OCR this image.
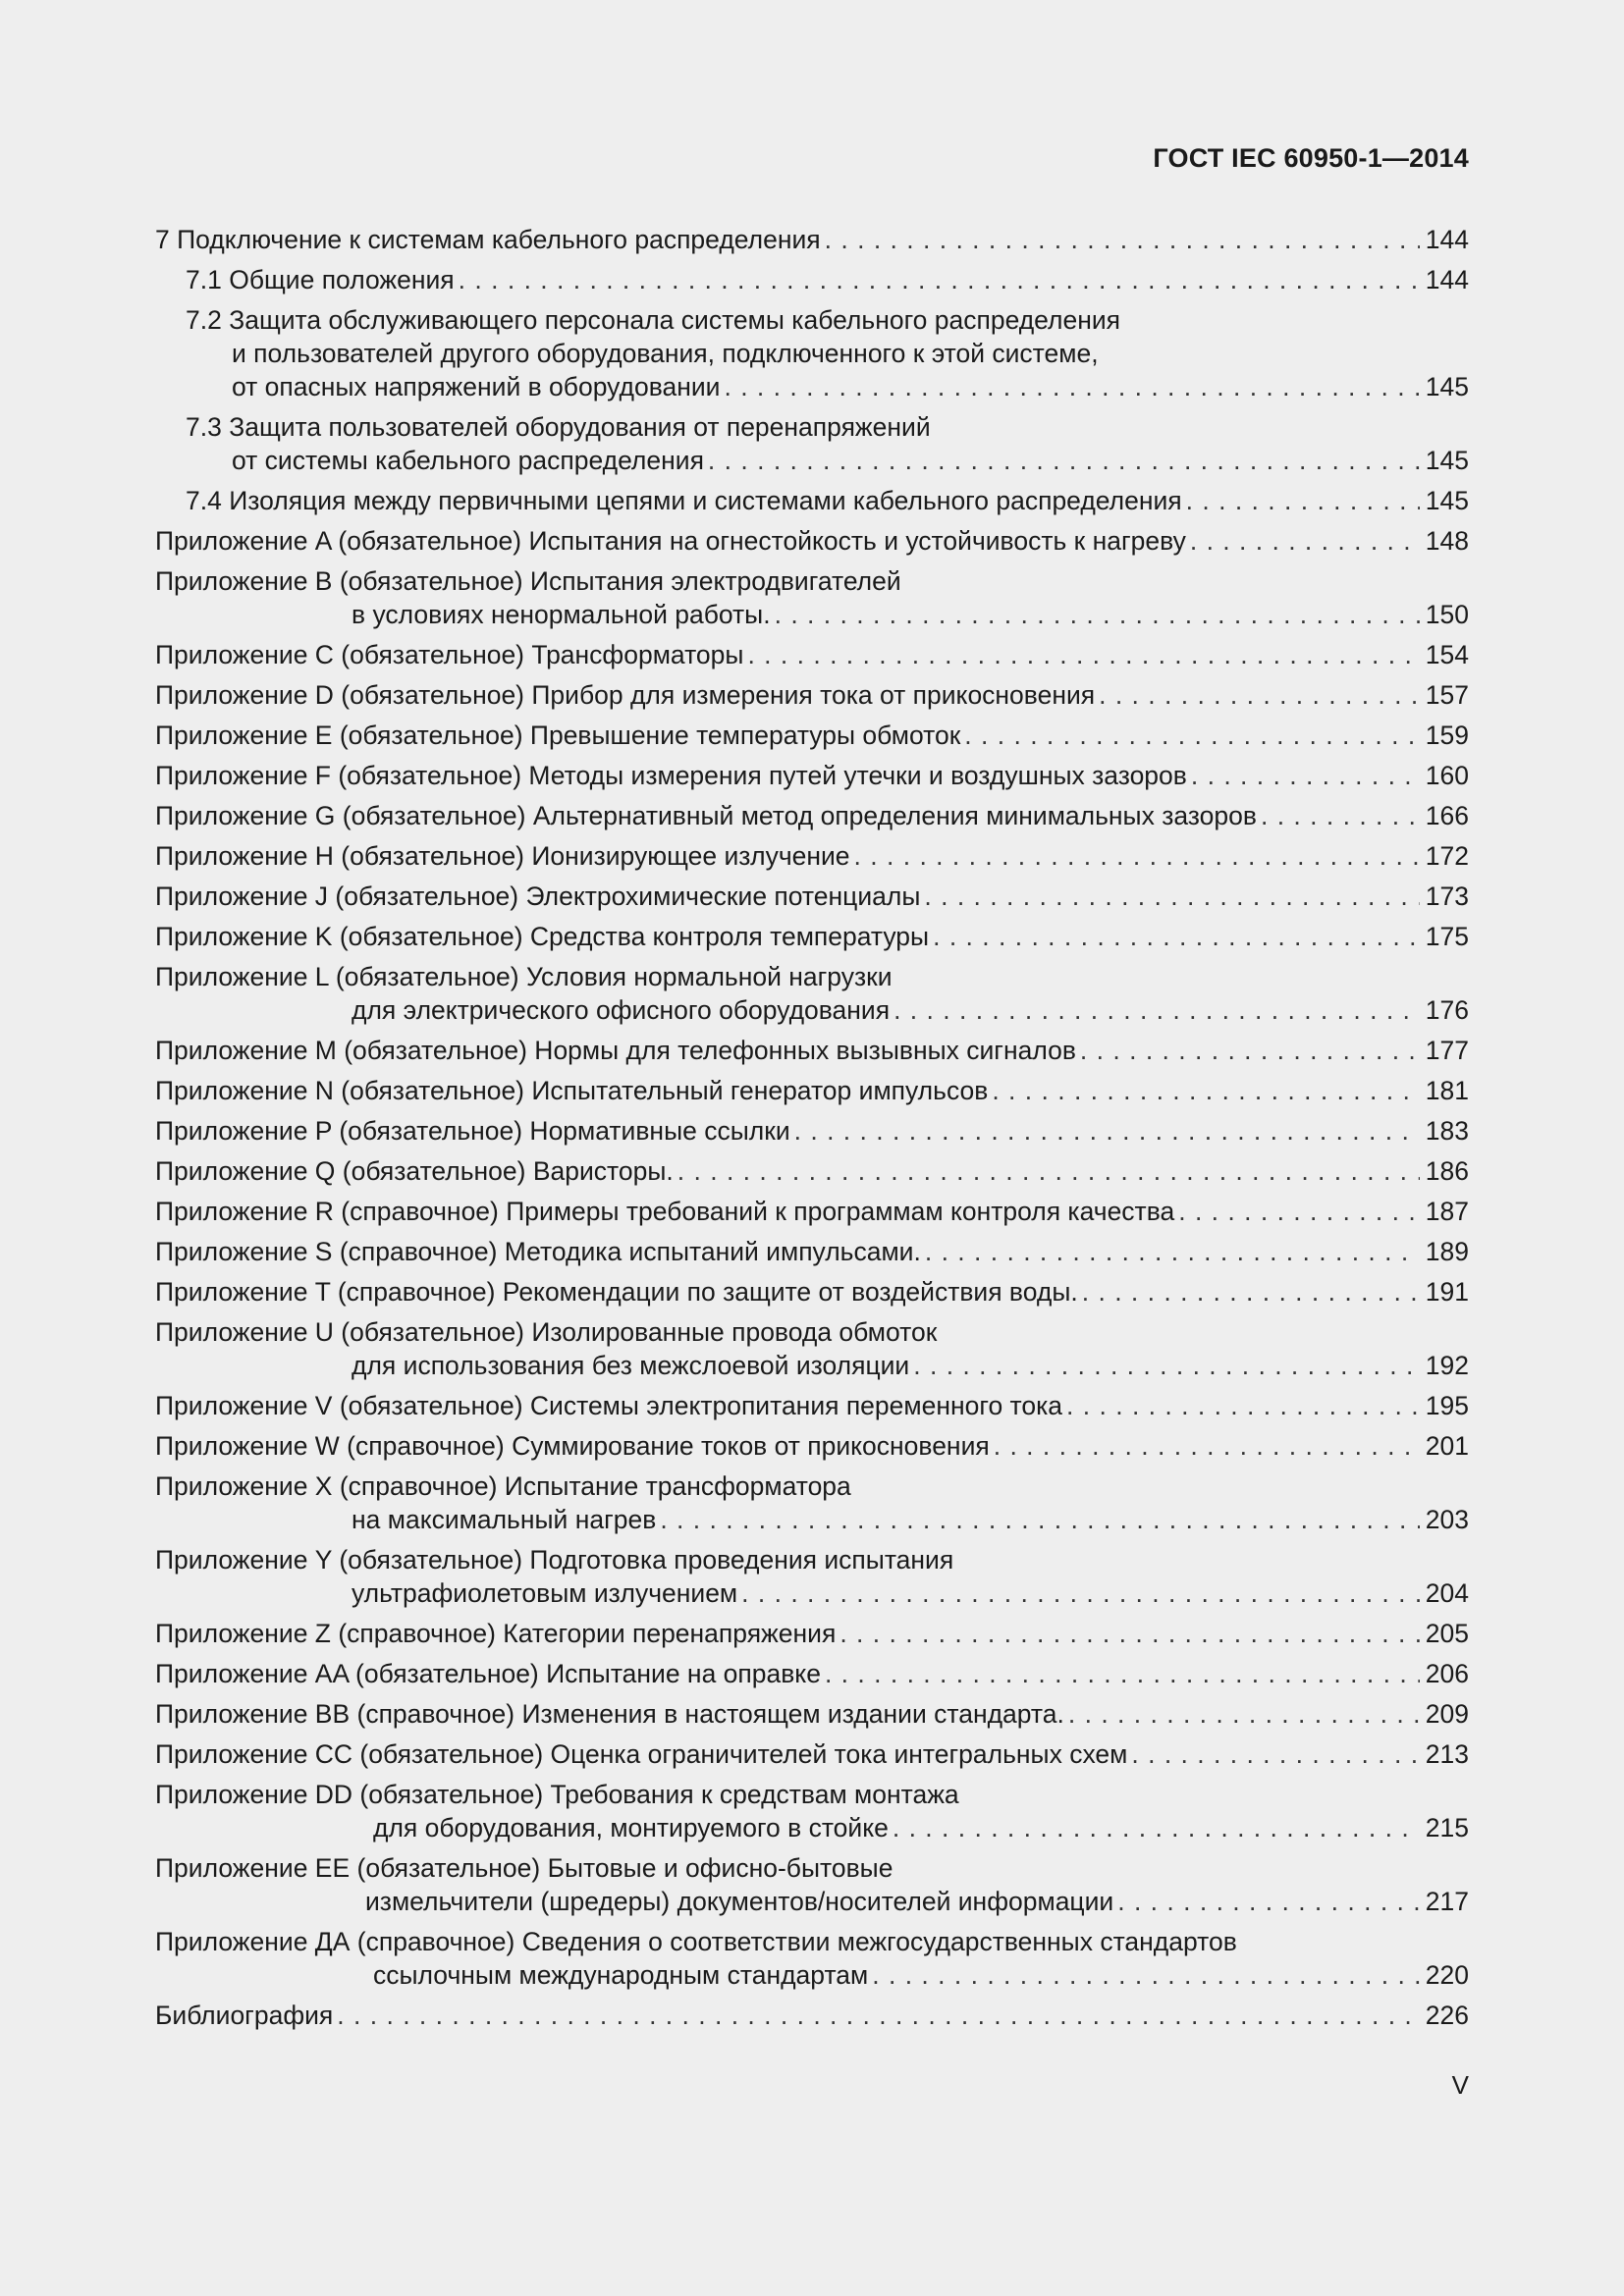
ГОСТ IEC 60950-1—2014
7 Подключение к системам кабельного распределения . . .	144
7.1 Общие положения . . .	144
7.2 Защита обслуживающего персонала системы кабельного распределения
и пользователей другого оборудования, подключенного к этой системе,
от опасных напряжений в оборудовании . . .	145
7.3 Защита пользователей оборудования от перенапряжений
от системы кабельного распределения . . .	145
7.4 Изоляция между первичными цепями и системами кабельного распределения . . .	145
Приложение A (обязательное) Испытания на огнестойкость и устойчивость к нагреву . . .	148
Приложение B (обязательное) Испытания электродвигателей
в условиях ненормальной работы. . . .	150
Приложение C (обязательное) Трансформаторы . . .	154
Приложение D (обязательное) Прибор для измерения тока от прикосновения . . .	157
Приложение E (обязательное) Превышение температуры обмоток . . .	159
Приложение F (обязательное) Методы измерения путей утечки и воздушных зазоров . . .	160
Приложение G (обязательное) Альтернативный метод определения минимальных зазоров . . .	166
Приложение H (обязательное) Ионизирующее излучение . . .	172
Приложение J (обязательное) Электрохимические потенциалы . . .	173
Приложение K (обязательное) Средства контроля температуры . . .	175
Приложение L (обязательное) Условия нормальной нагрузки
для электрического офисного оборудования . . .	176
Приложение M (обязательное) Нормы для телефонных вызывных сигналов . . .	177
Приложение N (обязательное) Испытательный генератор импульсов . . .	181
Приложение P (обязательное) Нормативные ссылки . . .	183
Приложение Q (обязательное) Варисторы. . . .	186
Приложение R (справочное) Примеры требований к программам контроля качества . . .	187
Приложение S (справочное) Методика испытаний импульсами. . . .	189
Приложение T (справочное) Рекомендации по защите от воздействия воды. . . .	191
Приложение U (обязательное) Изолированные провода обмоток
для использования без межслоевой изоляции . . .	192
Приложение V (обязательное) Системы электропитания переменного тока . . .	195
Приложение W (справочное) Суммирование токов от прикосновения . . .	201
Приложение X (справочное) Испытание трансформатора
на максимальный нагрев . . .	203
Приложение Y (обязательное) Подготовка проведения испытания
ультрафиолетовым излучением . . .	204
Приложение Z (справочное) Категории перенапряжения . . .	205
Приложение AA (обязательное) Испытание на оправке . . .	206
Приложение BB (справочное) Изменения в настоящем издании стандарта. . . .	209
Приложение CC (обязательное) Оценка ограничителей тока интегральных схем . . .	213
Приложение DD (обязательное) Требования к средствам монтажа
для оборудования, монтируемого в стойке . . .	215
Приложение EE (обязательное) Бытовые и офисно-бытовые
измельчители (шредеры) документов/носителей информации . . .	217
Приложение ДА (справочное) Сведения о соответствии межгосударственных стандартов
ссылочным международным стандартам . . .	220
Библиография . . .	226
V
